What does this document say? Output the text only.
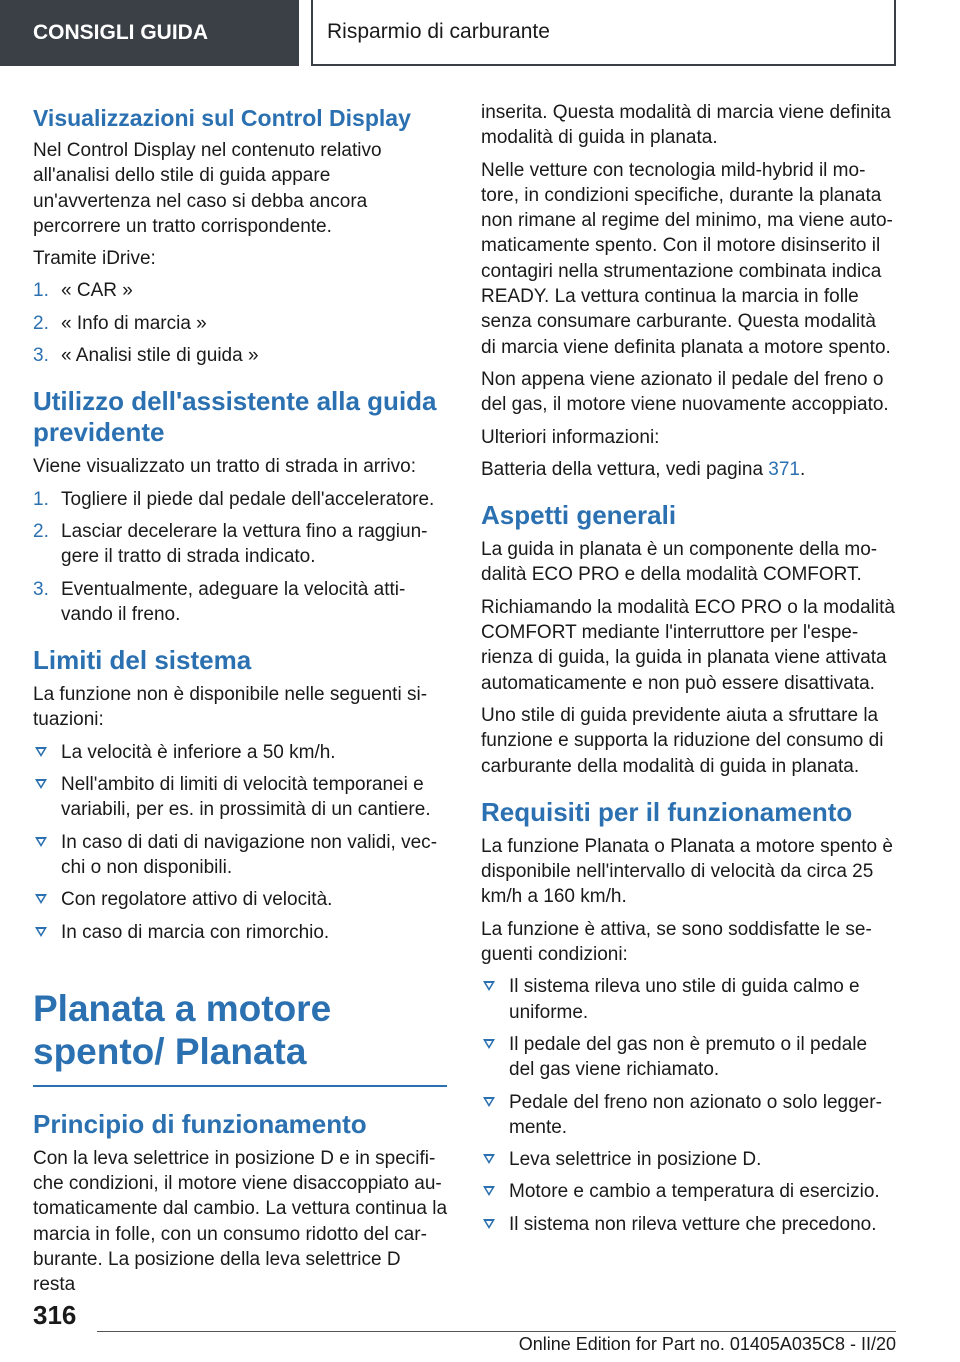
CONSIGLI GUIDA	Risparmio di carburante
Visualizzazioni sul Control Display

Nel Control Display nel contenuto relativo all'analisi dello stile di guida appare un'avvertenza nel caso si debba ancora percorrere un tratto corrispondente.

Tramite iDrive:

1. « CAR »
2. « Info di marcia »
3. « Analisi stile di guida »
Utilizzo dell'assistente alla guida previdente

Viene visualizzato un tratto di strada in arrivo:

1. Togliere il piede dal pedale dell'acceleratore.
2. Lasciar decelerare la vettura fino a raggiungere il tratto di strada indicato.
3. Eventualmente, adeguare la velocità attivando il freno.
Limiti del sistema

La funzione non è disponibile nelle seguenti situazioni:

La velocità è inferiore a 50 km/h.
Nell'ambito di limiti di velocità temporanei e variabili, per es. in prossimità di un cantiere.
In caso di dati di navigazione non validi, vecchi o non disponibili.
Con regolatore attivo di velocità.
In caso di marcia con rimorchio.
Planata a motore spento/ Planata
Principio di funzionamento

Con la leva selettrice in posizione D e in specifiche condizioni, il motore viene disaccoppiato automaticamente dal cambio. La vettura continua la marcia in folle, con un consumo ridotto del carburante. La posizione della leva selettrice D resta

inserita. Questa modalità di marcia viene definita modalità di guida in planata.

Nelle vetture con tecnologia mild-hybrid il motore, in condizioni specifiche, durante la planata non rimane al regime del minimo, ma viene automaticamente spento. Con il motore disinserito il contagiri nella strumentazione combinata indica READY. La vettura continua la marcia in folle senza consumare carburante. Questa modalità di marcia viene definita planata a motore spento.

Non appena viene azionato il pedale del freno o del gas, il motore viene nuovamente accoppiato.

Ulteriori informazioni:

Batteria della vettura, vedi pagina 371.

Aspetti generali

La guida in planata è un componente della modalità ECO PRO e della modalità COMFORT.

Richiamando la modalità ECO PRO o la modalità COMFORT mediante l'interruttore per l'esperienza di guida, la guida in planata viene attivata automaticamente e non può essere disattivata.

Uno stile di guida previdente aiuta a sfruttare la funzione e supporta la riduzione del consumo di carburante della modalità di guida in planata.

Requisiti per il funzionamento

La funzione Planata o Planata a motore spento è disponibile nell'intervallo di velocità da circa 25 km/h a 160 km/h.

La funzione è attiva, se sono soddisfatte le seguenti condizioni:

Il sistema rileva uno stile di guida calmo e uniforme.
Il pedale del gas non è premuto o il pedale del gas viene richiamato.
Pedale del freno non azionato o solo leggermente.
Leva selettrice in posizione D.
Motore e cambio a temperatura di esercizio.
Il sistema non rileva vetture che precedono.
316
Online Edition for Part no. 01405A035C8 - II/20
